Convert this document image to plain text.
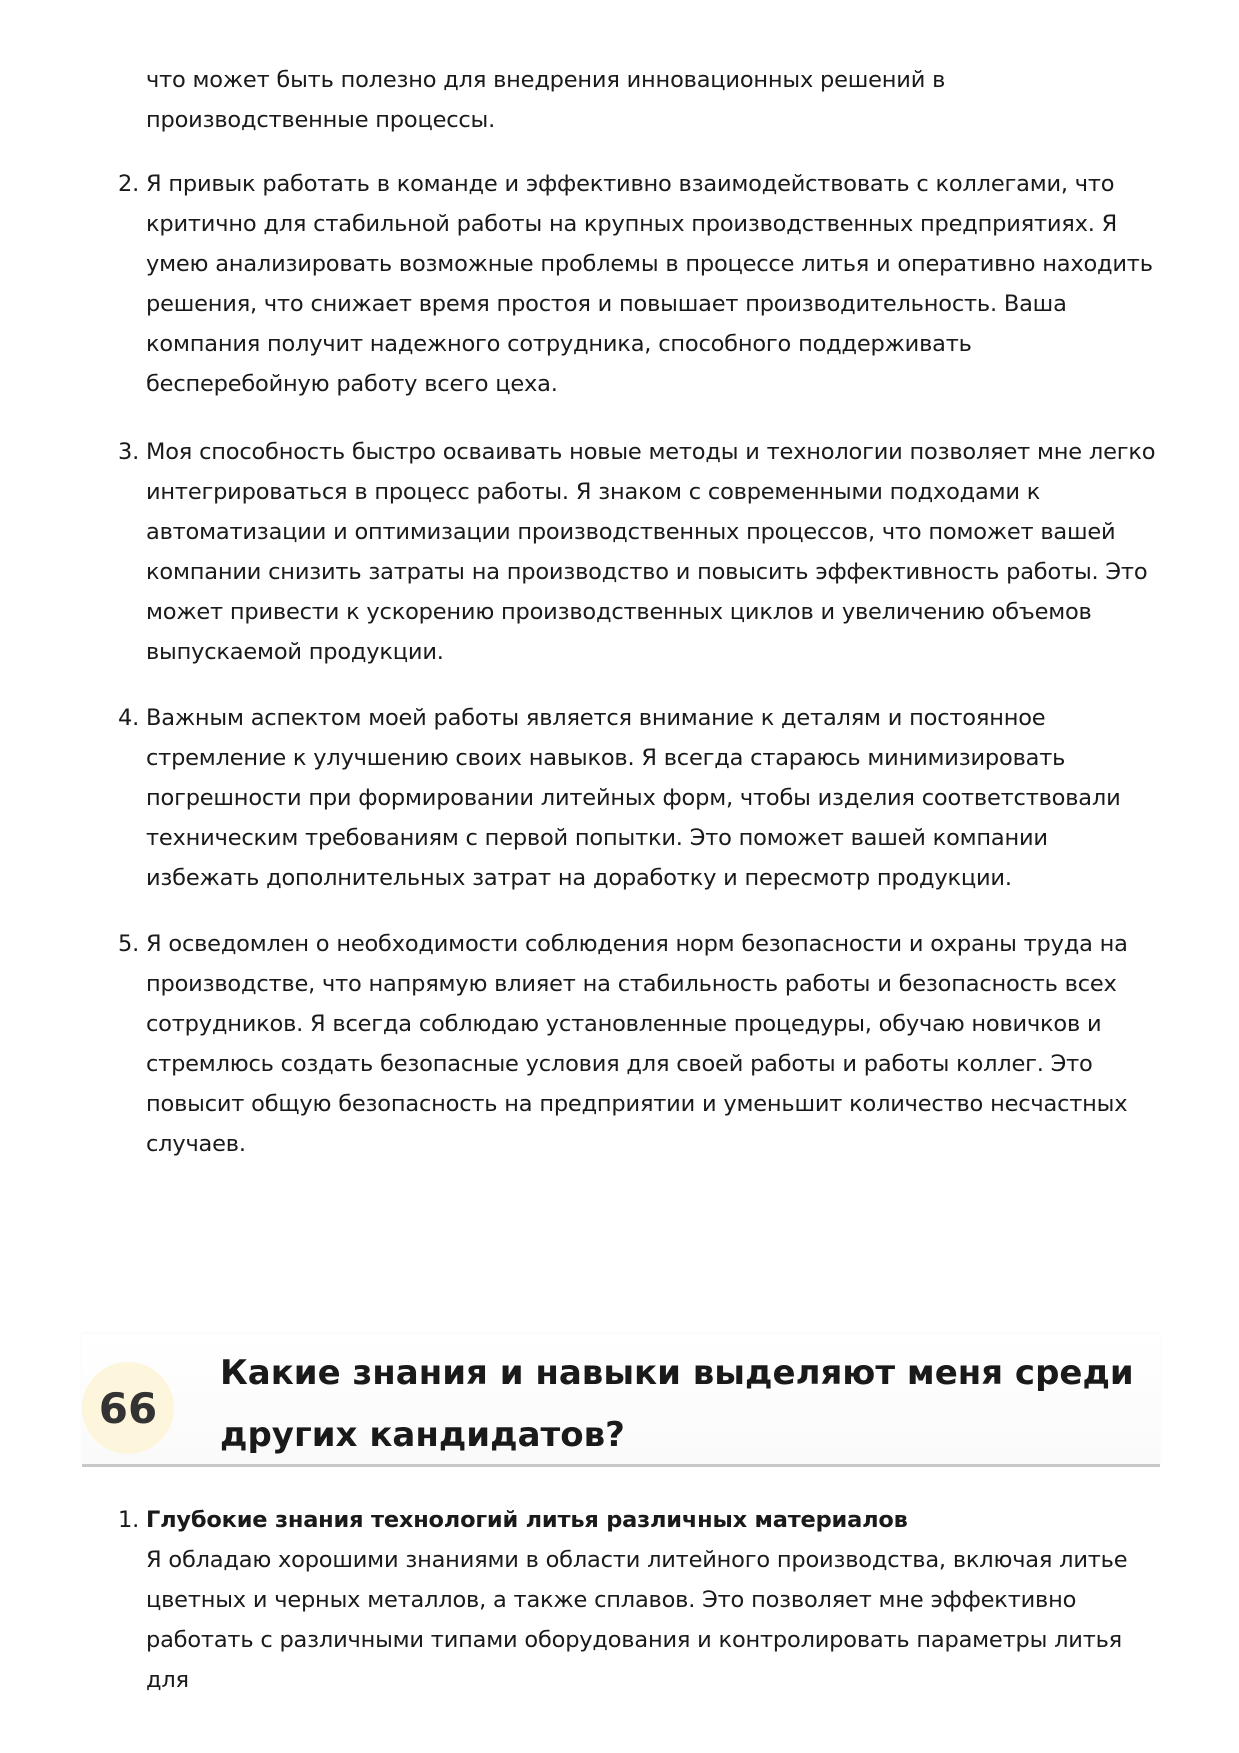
что может быть полезно для внедрения инновационных решений в производственные процессы.
2. Я привык работать в команде и эффективно взаимодействовать с коллегами, что критично для стабильной работы на крупных производственных предприятиях. Я умею анализировать возможные проблемы в процессе литья и оперативно находить решения, что снижает время простоя и повышает производительность. Ваша компания получит надежного сотрудника, способного поддерживать бесперебойную работу всего цеха.
3. Моя способность быстро осваивать новые методы и технологии позволяет мне легко интегрироваться в процесс работы. Я знаком с современными подходами к автоматизации и оптимизации производственных процессов, что поможет вашей компании снизить затраты на производство и повысить эффективность работы. Это может привести к ускорению производственных циклов и увеличению объемов выпускаемой продукции.
4. Важным аспектом моей работы является внимание к деталям и постоянное стремление к улучшению своих навыков. Я всегда стараюсь минимизировать погрешности при формировании литейных форм, чтобы изделия соответствовали техническим требованиям с первой попытки. Это поможет вашей компании избежать дополнительных затрат на доработку и пересмотр продукции.
5. Я осведомлен о необходимости соблюдения норм безопасности и охраны труда на производстве, что напрямую влияет на стабильность работы и безопасность всех сотрудников. Я всегда соблюдаю установленные процедуры, обучаю новичков и стремлюсь создать безопасные условия для своей работы и работы коллег. Это повысит общую безопасность на предприятии и уменьшит количество несчастных случаев.
66
Какие знания и навыки выделяют меня среди других кандидатов?
1. Глубокие знания технологий литья различных материалов
Я обладаю хорошими знаниями в области литейного производства, включая литье цветных и черных металлов, а также сплавов. Это позволяет мне эффективно работать с различными типами оборудования и контролировать параметры литья для
